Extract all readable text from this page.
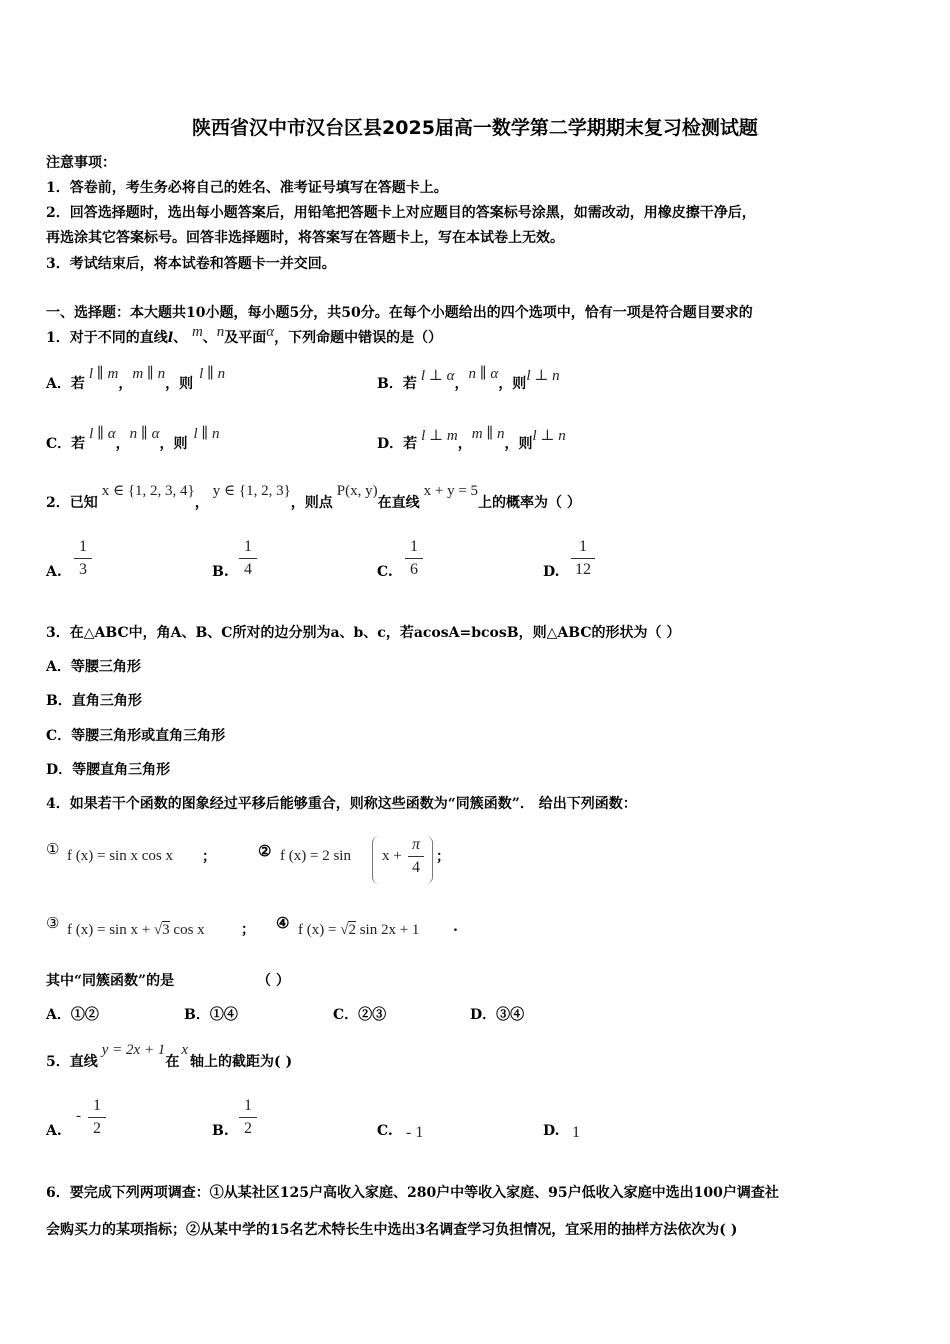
陕西省汉中市汉台区县2025届高一数学第二学期期末复习检测试题
注意事项：
1．答卷前，考生务必将自己的姓名、准考证号填写在答题卡上。
2．回答选择题时，选出每小题答案后，用铅笔把答题卡上对应题目的答案标号涂黑，如需改动，用橡皮擦干净后，
再选涂其它答案标号。回答非选择题时，将答案写在答题卡上，写在本试卷上无效。
3．考试结束后，将本试卷和答题卡一并交回。
一、选择题：本大题共10小题，每小题5分，共50分。在每个小题给出的四个选项中，恰有一项是符合题目要求的
1．对于不同的直线l、 m、n及平面α，下列命题中错误的是（）
A．若l ∥ m，m ∥ n，则l ∥ n
B．若 l ⊥ α，n ∥ α，则l ⊥ n
C．若l ∥ α，n ∥ α，则l ∥ n
D．若 l ⊥ m，m ∥ n，则l ⊥ n
2．已知x ∈ {1, 2, 3, 4}，y ∈ {1, 2, 3}，则点P(x, y)在直线x + y = 5上的概率为（ ）
A.
1
3	B.
1
4	C.
1
6	D.
1
12
3．在△ABC中，角A、B、C所对的边分别为a、b、c，若acosA=bcosB，则△ABC的形状为（ ）
A．等腰三角形
B．直角三角形
C．等腰三角形或直角三角形
D．等腰直角三角形
4．如果若干个函数的图象经过平移后能够重合，则称这些函数为“同簇函数”． 给出下列函数：
① f (x) = sin x cos x ；	② f (x) = 2 sin x +
π
4
；
③ f (x) = sin x + √3 cos x	； ④ f (x) = √2 sin 2x + 1 .
其中“同簇函数”的是	（ ）
A．①②	B．①④	C．②③	D．③④
5．直线y = 2x + 1在x轴上的截距为( )
A.
-
1
2	B.
1
2	C. - 1	D. 1
6．要完成下列两项调查：①从某社区125户高收入家庭、280户中等收入家庭、95户低收入家庭中选出100户调查社
会购买力的某项指标；②从某中学的15名艺术特长生中选出3名调查学习负担情况，宜采用的抽样方法依次为( )
